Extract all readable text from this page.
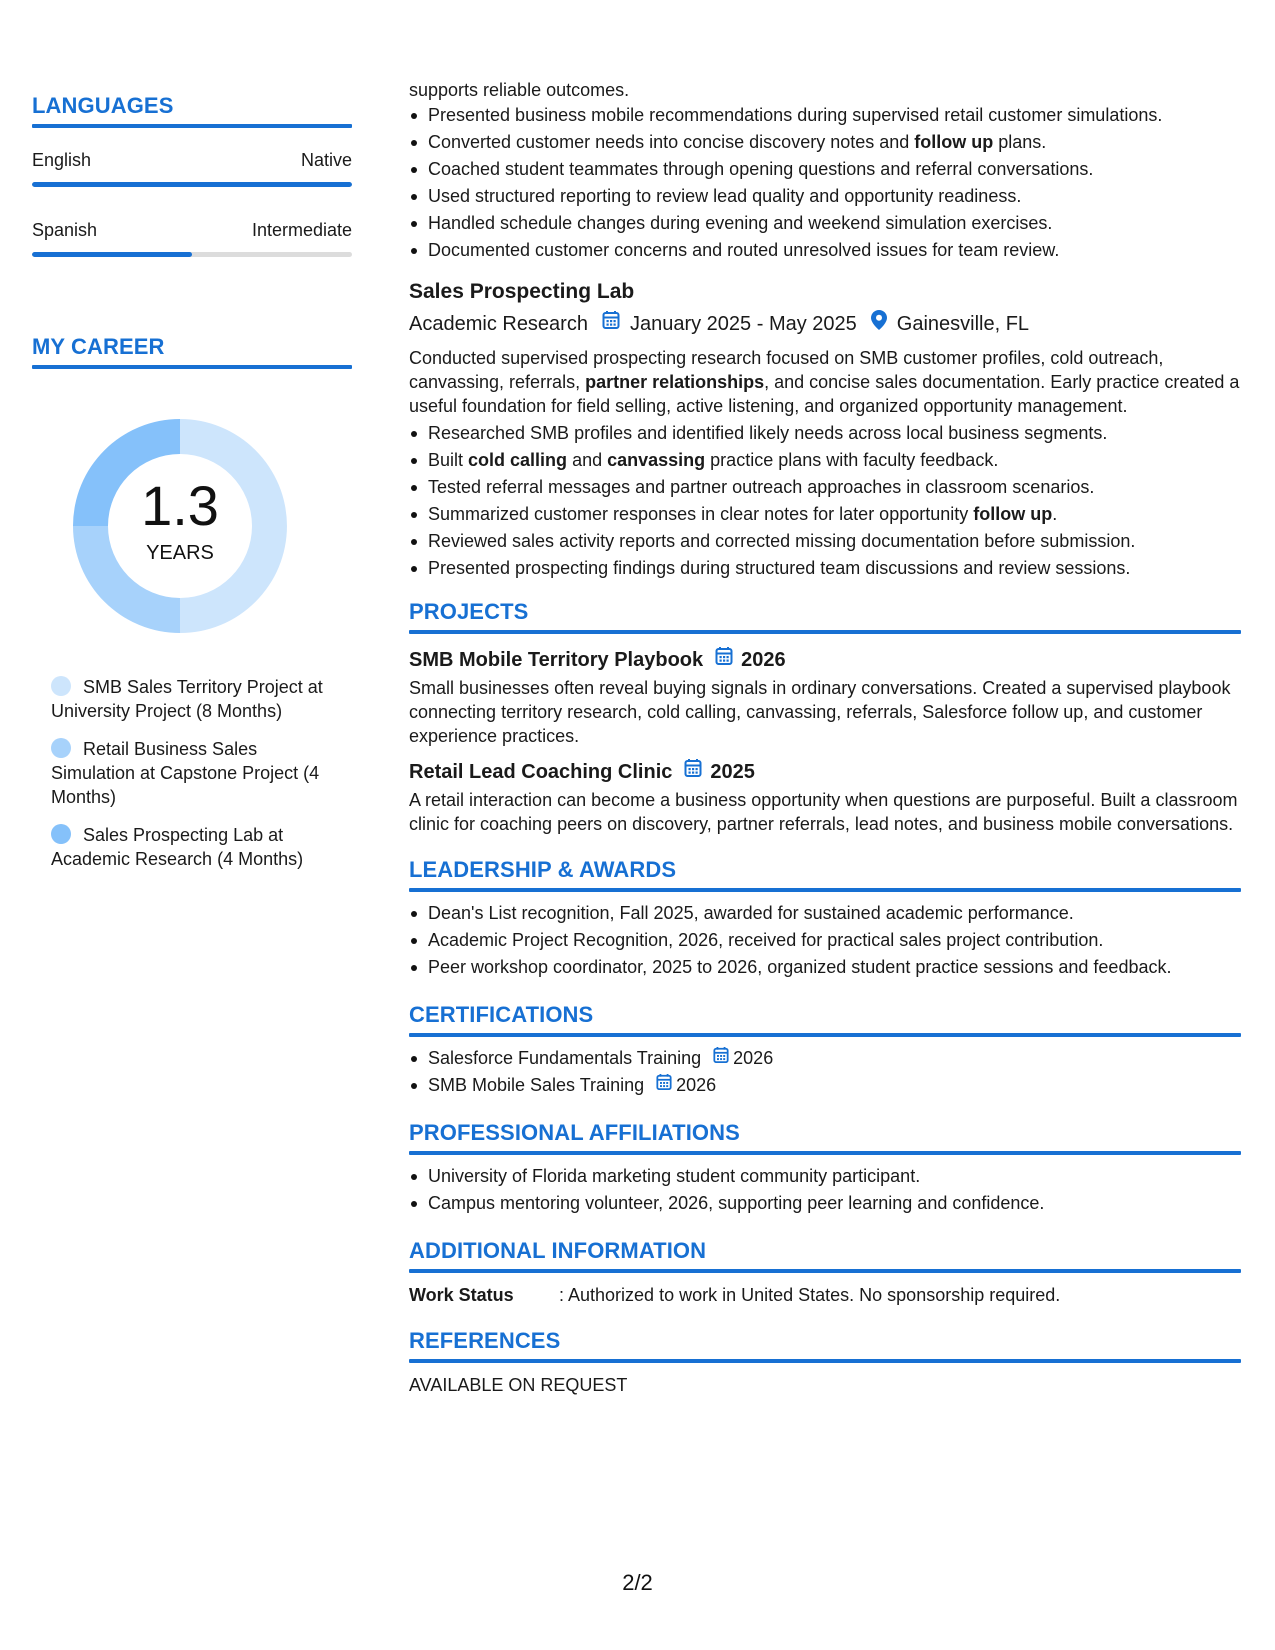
LANGUAGES
English	Native
Spanish	Intermediate
MY CAREER
1.3
YEARS
SMB Sales Territory Project at University Project (8 Months)
Retail Business Sales Simulation at Capstone Project (4 Months)
Sales Prospecting Lab at Academic Research (4 Months)
supports reliable outcomes.
Presented business mobile recommendations during supervised retail customer simulations.
Converted customer needs into concise discovery notes and follow up plans.
Coached student teammates through opening questions and referral conversations.
Used structured reporting to review lead quality and opportunity readiness.
Handled schedule changes during evening and weekend simulation exercises.
Documented customer concerns and routed unresolved issues for team review.
Sales Prospecting Lab
Academic Research January 2025 - May 2025 Gainesville, FL
Conducted supervised prospecting research focused on SMB customer profiles, cold outreach, canvassing, referrals, partner relationships, and concise sales documentation. Early practice created a useful foundation for field selling, active listening, and organized opportunity management.
Researched SMB profiles and identified likely needs across local business segments.
Built cold calling and canvassing practice plans with faculty feedback.
Tested referral messages and partner outreach approaches in classroom scenarios.
Summarized customer responses in clear notes for later opportunity follow up.
Reviewed sales activity reports and corrected missing documentation before submission.
Presented prospecting findings during structured team discussions and review sessions.
PROJECTS
SMB Mobile Territory Playbook 2026
Small businesses often reveal buying signals in ordinary conversations. Created a supervised playbook connecting territory research, cold calling, canvassing, referrals, Salesforce follow up, and customer experience practices.
Retail Lead Coaching Clinic 2025
A retail interaction can become a business opportunity when questions are purposeful. Built a classroom clinic for coaching peers on discovery, partner referrals, lead notes, and business mobile conversations.
LEADERSHIP & AWARDS
Dean's List recognition, Fall 2025, awarded for sustained academic performance.
Academic Project Recognition, 2026, received for practical sales project contribution.
Peer workshop coordinator, 2025 to 2026, organized student practice sessions and feedback.
CERTIFICATIONS
Salesforce Fundamentals Training 2026
SMB Mobile Sales Training 2026
PROFESSIONAL AFFILIATIONS
University of Florida marketing student community participant.
Campus mentoring volunteer, 2026, supporting peer learning and confidence.
ADDITIONAL INFORMATION
Work Status	: Authorized to work in United States. No sponsorship required.
REFERENCES
AVAILABLE ON REQUEST
2/2
